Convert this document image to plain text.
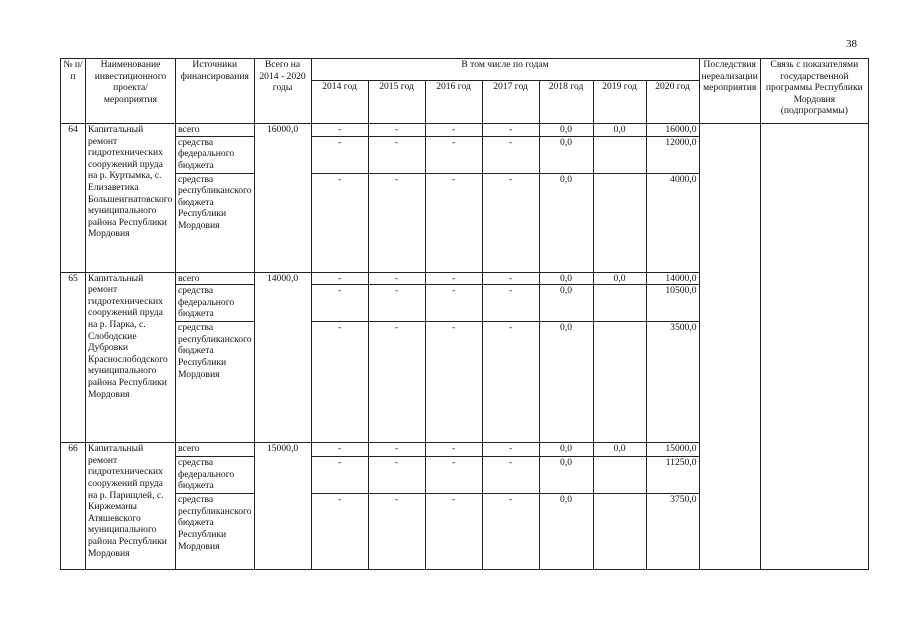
38
№ п/п	Наименование инвестиционного проекта/ мероприятия	Источники финансирования	Всего на 2014 - 2020 годы	В том числе по годам							Последствия нереализации мероприятия	Связь с показателями государственной программы Республики Мордовия (подпрограммы)
				2014 год	2015 год	2016 год	2017 год	2018 год	2019 год	2020 год		
64	Капитальный ремонт гидротехнических сооружений пруда на р. Куртымка, с. Елизаветика Большеигнатовского муниципального района Республики Мордовия	всего	16000,0	-	-	-	-	0,0	0,0	16000,0		
		средства федерального бюджета		-	-	-	-	0,0		12000,0		
		средства республиканского бюджета Республики Мордовия		-	-	-	-	0,0		4000,0		
65	Капитальный ремонт гидротехнических сооружений пруда на р. Парка, с. Слободские Дубровки Краснослободского муниципального района Республики Мордовия	всего	14000,0	-	-	-	-	0,0	0,0	14000,0		
		средства федерального бюджета		-	-	-	-	0,0		10500,0		
		средства республиканского бюджета Республики Мордовия		-	-	-	-	0,0		3500,0		
66	Капитальный ремонт гидротехнических сооружений пруда на р. Парищлей, с. Киржеманы Атяшевского муниципального района Республики Мордовия	всего	15000,0	-	-	-	-	0,0	0,0	15000,0		
		средства федерального бюджета		-	-	-	-	0,0		11250,0		
		средства республиканского бюджета Республики Мордовия		-	-	-	-	0,0		3750,0		
